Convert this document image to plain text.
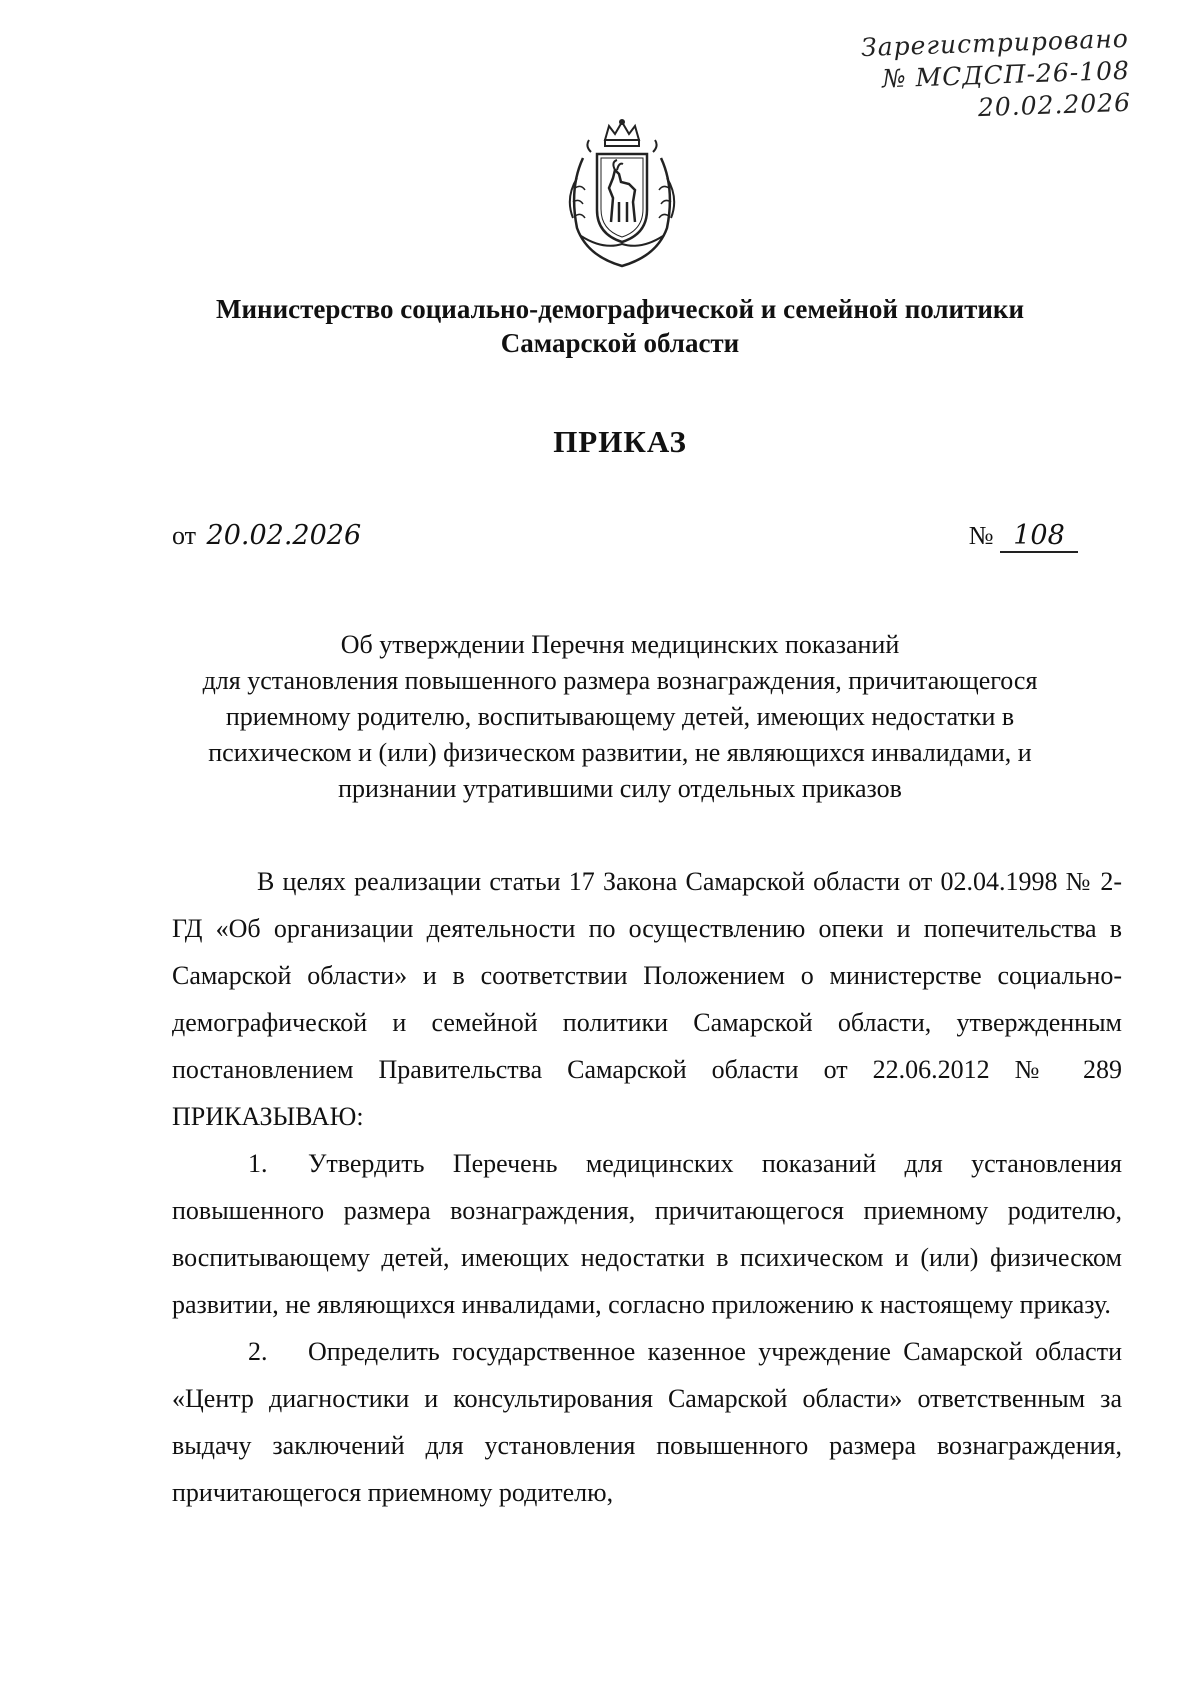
Зарегистрировано
№ МСДСП-26-108
20.02.2026
Министерство социально-демографической и семейной политики
Самарской области
ПРИКАЗ
от 20.02.2026	№ 108
Об утверждении Перечня медицинских показаний
для установления повышенного размера вознаграждения, причитающегося
приемному родителю, воспитывающему детей, имеющих недостатки в
психическом и (или) физическом развитии, не являющихся инвалидами, и
признании утратившими силу отдельных приказов

В целях реализации статьи 17 Закона Самарской области от 02.04.1998 № 2-ГД «Об организации деятельности по осуществлению опеки и попечительства в Самарской области» и в соответствии Положением о министерстве социально-демографической и семейной политики Самарской области, утвержденным постановлением Правительства Самарской области от 22.06.2012 № 289 ПРИКАЗЫВАЮ:

1. Утвердить Перечень медицинских показаний для установления повышенного размера вознаграждения, причитающегося приемному родителю, воспитывающему детей, имеющих недостатки в психическом и (или) физическом развитии, не являющихся инвалидами, согласно приложению к настоящему приказу.

2. Определить государственное казенное учреждение Самарской области «Центр диагностики и консультирования Самарской области» ответственным за выдачу заключений для установления повышенного размера вознаграждения, причитающегося приемному родителю,
